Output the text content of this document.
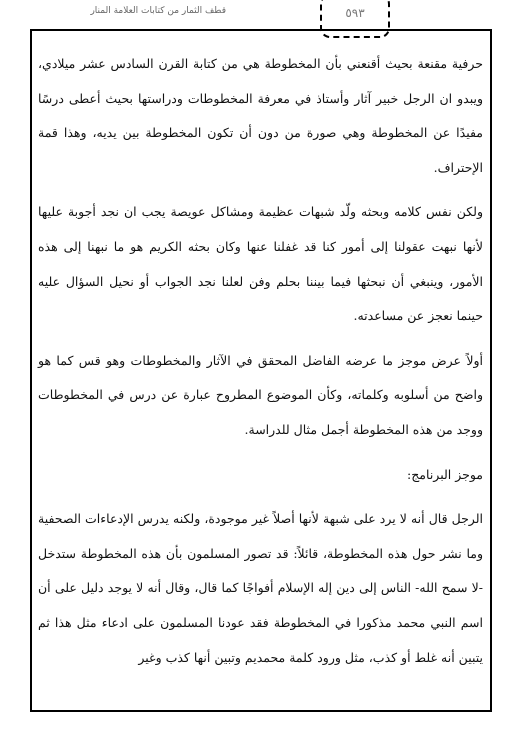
قطف الثمار من كتابات العلامة المنار	٥٩٣

حرفية مقنعة بحيث أقنعني بأن المخطوطة هي من كتابة القرن السادس عشر ميلادي، ويبدو ان الرجل خبير آثار وأستاذ في معرفة المخطوطات ودراستها بحيث أعطى درسًا مفيدًا عن المخطوطة وهي صورة من دون أن تكون المخطوطة بين يديه، وهذا قمة الإحتراف.

ولكن نفس كلامه وبحثه ولّد شبهات عظيمة ومشاكل عويصة يجب ان نجد أجوبة عليها لأنها نبهت عقولنا إلى أمور كنا قد غفلنا عنها وكان بحثه الكريم هو ما نبهنا إلى هذه الأمور، وينبغي أن نبحثها فيما بيننا بحلم وفن لعلنا نجد الجواب أو نحيل السؤال عليه حينما نعجز عن مساعدته.

أولاً عرض موجز ما عرضه الفاضل المحقق في الآثار والمخطوطات وهو قس كما هو واضح من أسلوبه وكلماته، وكأن الموضوع المطروح عبارة عن درس في المخطوطات ووجد من هذه المخطوطة أجمل مثال للدراسة.

موجز البرنامج:

الرجل قال أنه لا يرد على شبهة لأنها أصلاً غير موجودة، ولكنه يدرس الإدعاءات الصحفية وما نشر حول هذه المخطوطة، قائلاً: قد تصور المسلمون بأن هذه المخطوطة ستدخل -لا سمح الله- الناس إلى دين إله الإسلام أفواجًا كما قال، وقال أنه لا يوجد دليل على أن اسم النبي محمد مذكورا في المخطوطة فقد عودنا المسلمون على ادعاء مثل هذا ثم يتبين أنه غلط أو كذب، مثل ورود كلمة محمديم وتبين أنها كذب وغير
